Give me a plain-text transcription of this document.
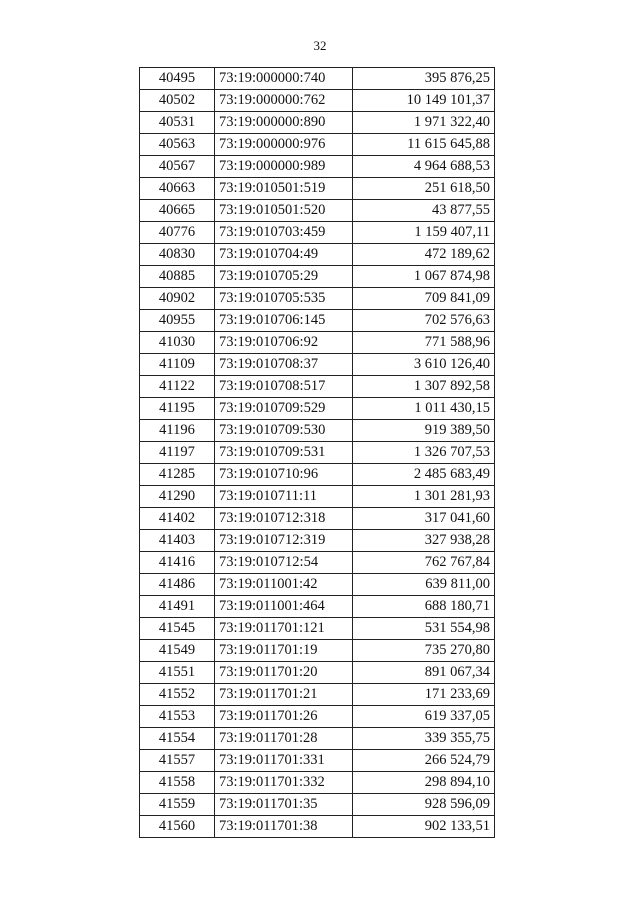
32
40495	73:19:000000:740	395 876,25
40502	73:19:000000:762	10 149 101,37
40531	73:19:000000:890	1 971 322,40
40563	73:19:000000:976	11 615 645,88
40567	73:19:000000:989	4 964 688,53
40663	73:19:010501:519	251 618,50
40665	73:19:010501:520	43 877,55
40776	73:19:010703:459	1 159 407,11
40830	73:19:010704:49	472 189,62
40885	73:19:010705:29	1 067 874,98
40902	73:19:010705:535	709 841,09
40955	73:19:010706:145	702 576,63
41030	73:19:010706:92	771 588,96
41109	73:19:010708:37	3 610 126,40
41122	73:19:010708:517	1 307 892,58
41195	73:19:010709:529	1 011 430,15
41196	73:19:010709:530	919 389,50
41197	73:19:010709:531	1 326 707,53
41285	73:19:010710:96	2 485 683,49
41290	73:19:010711:11	1 301 281,93
41402	73:19:010712:318	317 041,60
41403	73:19:010712:319	327 938,28
41416	73:19:010712:54	762 767,84
41486	73:19:011001:42	639 811,00
41491	73:19:011001:464	688 180,71
41545	73:19:011701:121	531 554,98
41549	73:19:011701:19	735 270,80
41551	73:19:011701:20	891 067,34
41552	73:19:011701:21	171 233,69
41553	73:19:011701:26	619 337,05
41554	73:19:011701:28	339 355,75
41557	73:19:011701:331	266 524,79
41558	73:19:011701:332	298 894,10
41559	73:19:011701:35	928 596,09
41560	73:19:011701:38	902 133,51
